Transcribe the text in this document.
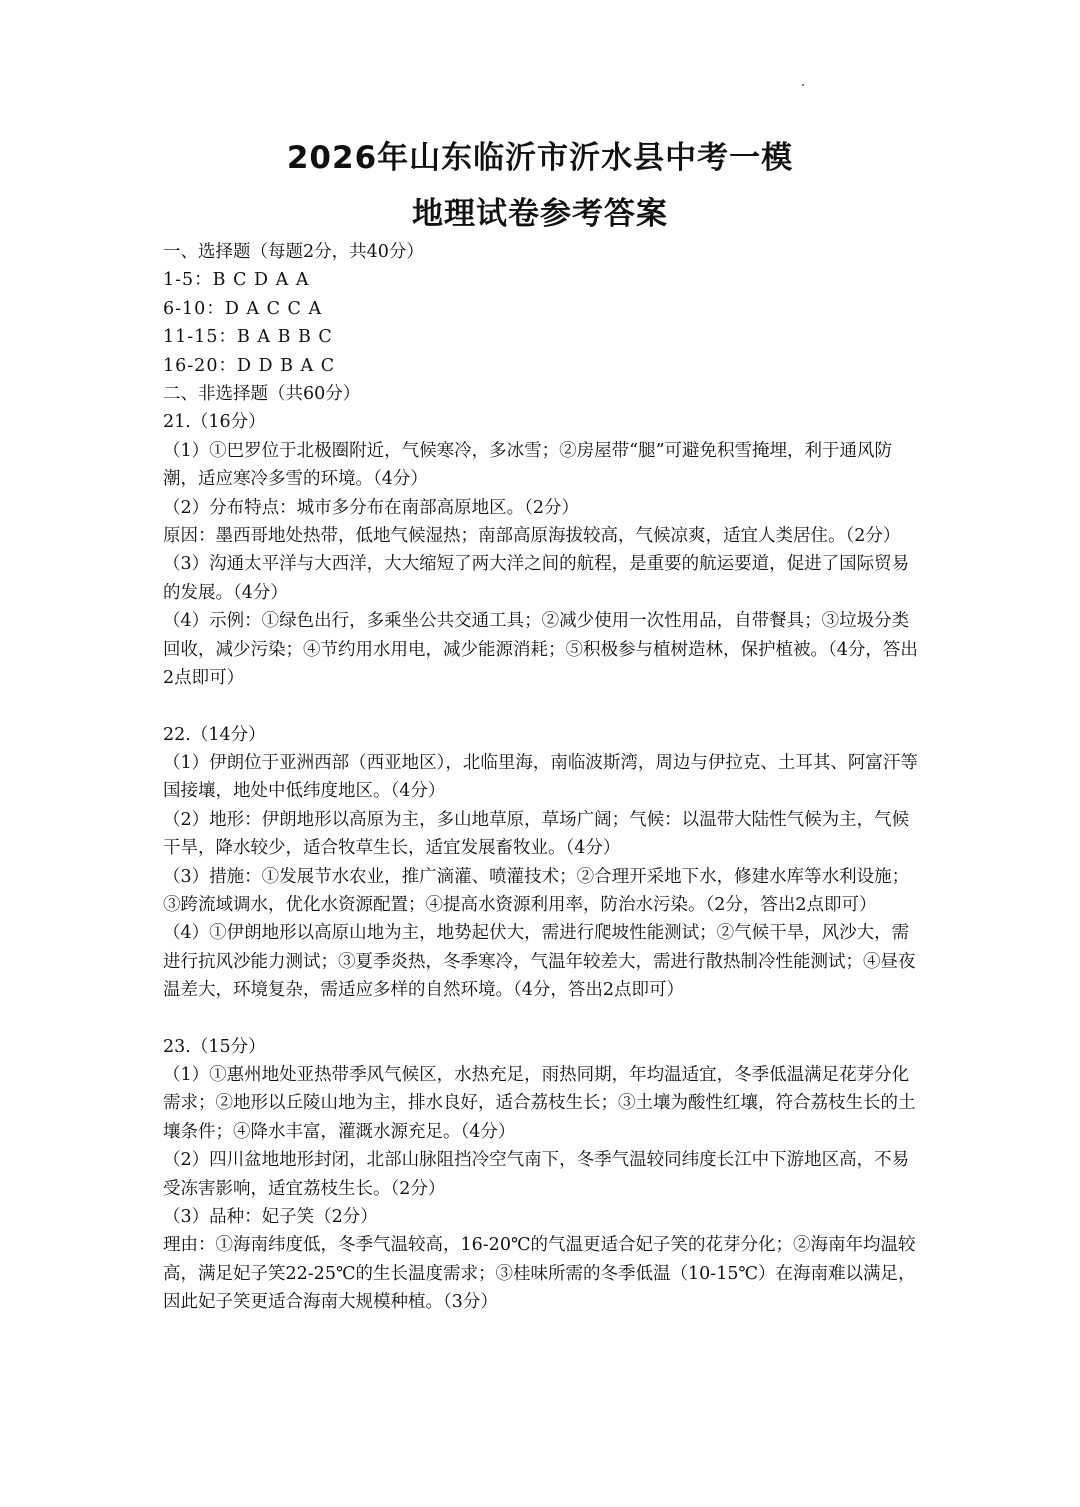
2026年山东临沂市沂水县中考一模
地理试卷参考答案

一、选择题（每题2分，共40分）

1-5：B C D A A

6-10：D A C C A

11-15：B A B B C

16-20：D D B A C

二、非选择题（共60分）

21.（16分）

（1）①巴罗位于北极圈附近，气候寒冷，多冰雪；②房屋带“腿”可避免积雪掩埋，利于通风防潮，适应寒冷多雪的环境。（4分）

（2）分布特点：城市多分布在南部高原地区。（2分）

原因：墨西哥地处热带，低地气候湿热；南部高原海拔较高，气候凉爽，适宜人类居住。（2分）

（3）沟通太平洋与大西洋，大大缩短了两大洋之间的航程，是重要的航运要道，促进了国际贸易的发展。（4分）

（4）示例：①绿色出行，多乘坐公共交通工具；②减少使用一次性用品，自带餐具；③垃圾分类回收，减少污染；④节约用水用电，减少能源消耗；⑤积极参与植树造林，保护植被。（4分，答出2点即可）

22.（14分）

（1）伊朗位于亚洲西部（西亚地区），北临里海，南临波斯湾，周边与伊拉克、土耳其、阿富汗等国接壤，地处中低纬度地区。（4分）

（2）地形：伊朗地形以高原为主，多山地草原，草场广阔；气候：以温带大陆性气候为主，气候干旱，降水较少，适合牧草生长，适宜发展畜牧业。（4分）

（3）措施：①发展节水农业，推广滴灌、喷灌技术；②合理开采地下水，修建水库等水利设施；③跨流域调水，优化水资源配置；④提高水资源利用率，防治水污染。（2分，答出2点即可）

（4）①伊朗地形以高原山地为主，地势起伏大，需进行爬坡性能测试；②气候干旱，风沙大，需进行抗风沙能力测试；③夏季炎热，冬季寒冷，气温年较差大，需进行散热制冷性能测试；④昼夜温差大，环境复杂，需适应多样的自然环境。（4分，答出2点即可）

23.（15分）

（1）①惠州地处亚热带季风气候区，水热充足，雨热同期，年均温适宜，冬季低温满足花芽分化需求；②地形以丘陵山地为主，排水良好，适合荔枝生长；③土壤为酸性红壤，符合荔枝生长的土壤条件；④降水丰富，灌溉水源充足。（4分）

（2）四川盆地地形封闭，北部山脉阻挡冷空气南下，冬季气温较同纬度长江中下游地区高，不易受冻害影响，适宜荔枝生长。（2分）

（3）品种：妃子笑（2分）

理由：①海南纬度低，冬季气温较高，16-20℃的气温更适合妃子笑的花芽分化；②海南年均温较高，满足妃子笑22-25℃的生长温度需求；③桂味所需的冬季低温（10-15℃）在海南难以满足，因此妃子笑更适合海南大规模种植。（3分）
